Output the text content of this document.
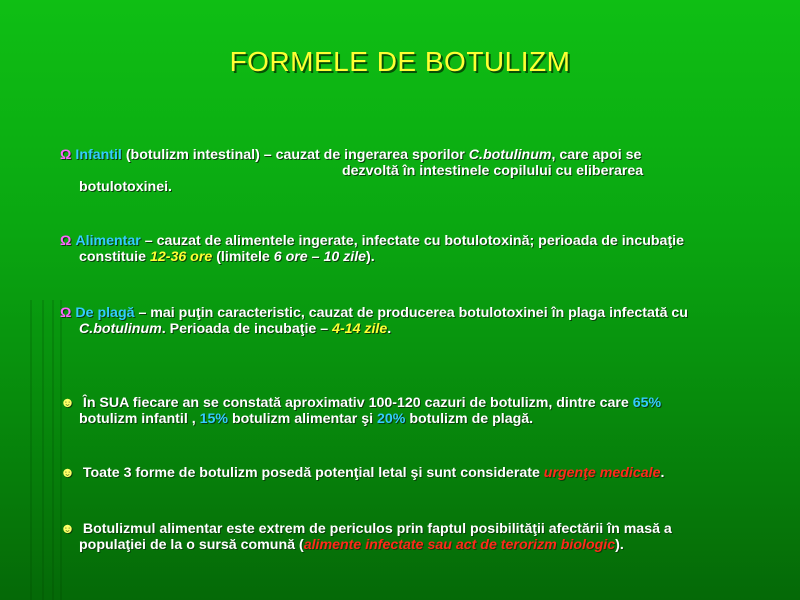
FORMELE DE BOTULIZM
Ω Infantil (botulizm intestinal) – cauzat de ingerarea sporilor C.botulinum, care apoi se
dezvoltă în intestinele copilului cu eliberarea
botulotoxinei.
Ω Alimentar – cauzat de alimentele ingerate, infectate cu botulotoxină; perioada de incubaţie
constituie 12-36 ore (limitele 6 ore – 10 zile).
Ω De plagă – mai puţin caracteristic, cauzat de producerea botulotoxinei în plaga infectată cu
C.botulinum. Perioada de incubaţie – 4-14 zile.
☻ În SUA fiecare an se constată aproximativ 100-120 cazuri de botulizm, dintre care 65%
botulizm infantil , 15% botulizm alimentar şi 20% botulizm de plagă.
☻ Toate 3 forme de botulizm posedă potenţial letal şi sunt considerate urgenţe medicale.
☻ Botulizmul alimentar este extrem de periculos prin faptul posibilităţii afectării în masă a
populaţiei de la o sursă comună (alimente infectate sau act de terorizm biologic).
